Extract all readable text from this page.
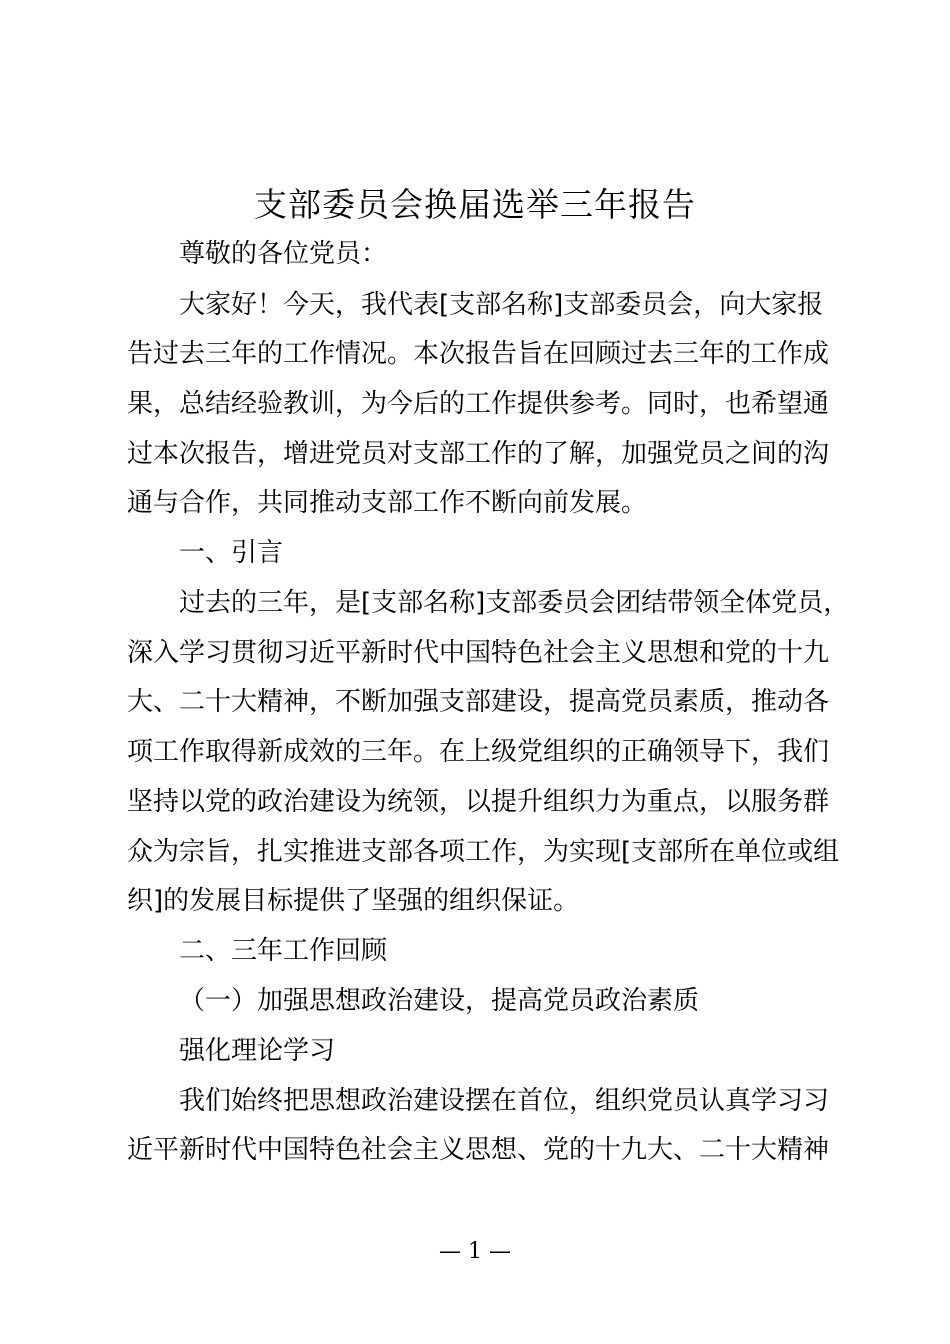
支部委员会换届选举三年报告
尊敬的各位党员：
大家好！今天，我代表[支部名称]支部委员会，向大家报
告过去三年的工作情况。本次报告旨在回顾过去三年的工作成
果，总结经验教训，为今后的工作提供参考。同时，也希望通
过本次报告，增进党员对支部工作的了解，加强党员之间的沟
通与合作，共同推动支部工作不断向前发展。
一、引言
过去的三年，是[支部名称]支部委员会团结带领全体党员，
深入学习贯彻习近平新时代中国特色社会主义思想和党的十九
大、二十大精神，不断加强支部建设，提高党员素质，推动各
项工作取得新成效的三年。在上级党组织的正确领导下，我们
坚持以党的政治建设为统领，以提升组织力为重点，以服务群
众为宗旨，扎实推进支部各项工作，为实现[支部所在单位或组
织]的发展目标提供了坚强的组织保证。
二、三年工作回顾
（一）加强思想政治建设，提高党员政治素质
强化理论学习
我们始终把思想政治建设摆在首位，组织党员认真学习习
近平新时代中国特色社会主义思想、党的十九大、二十大精神
— 1 —
